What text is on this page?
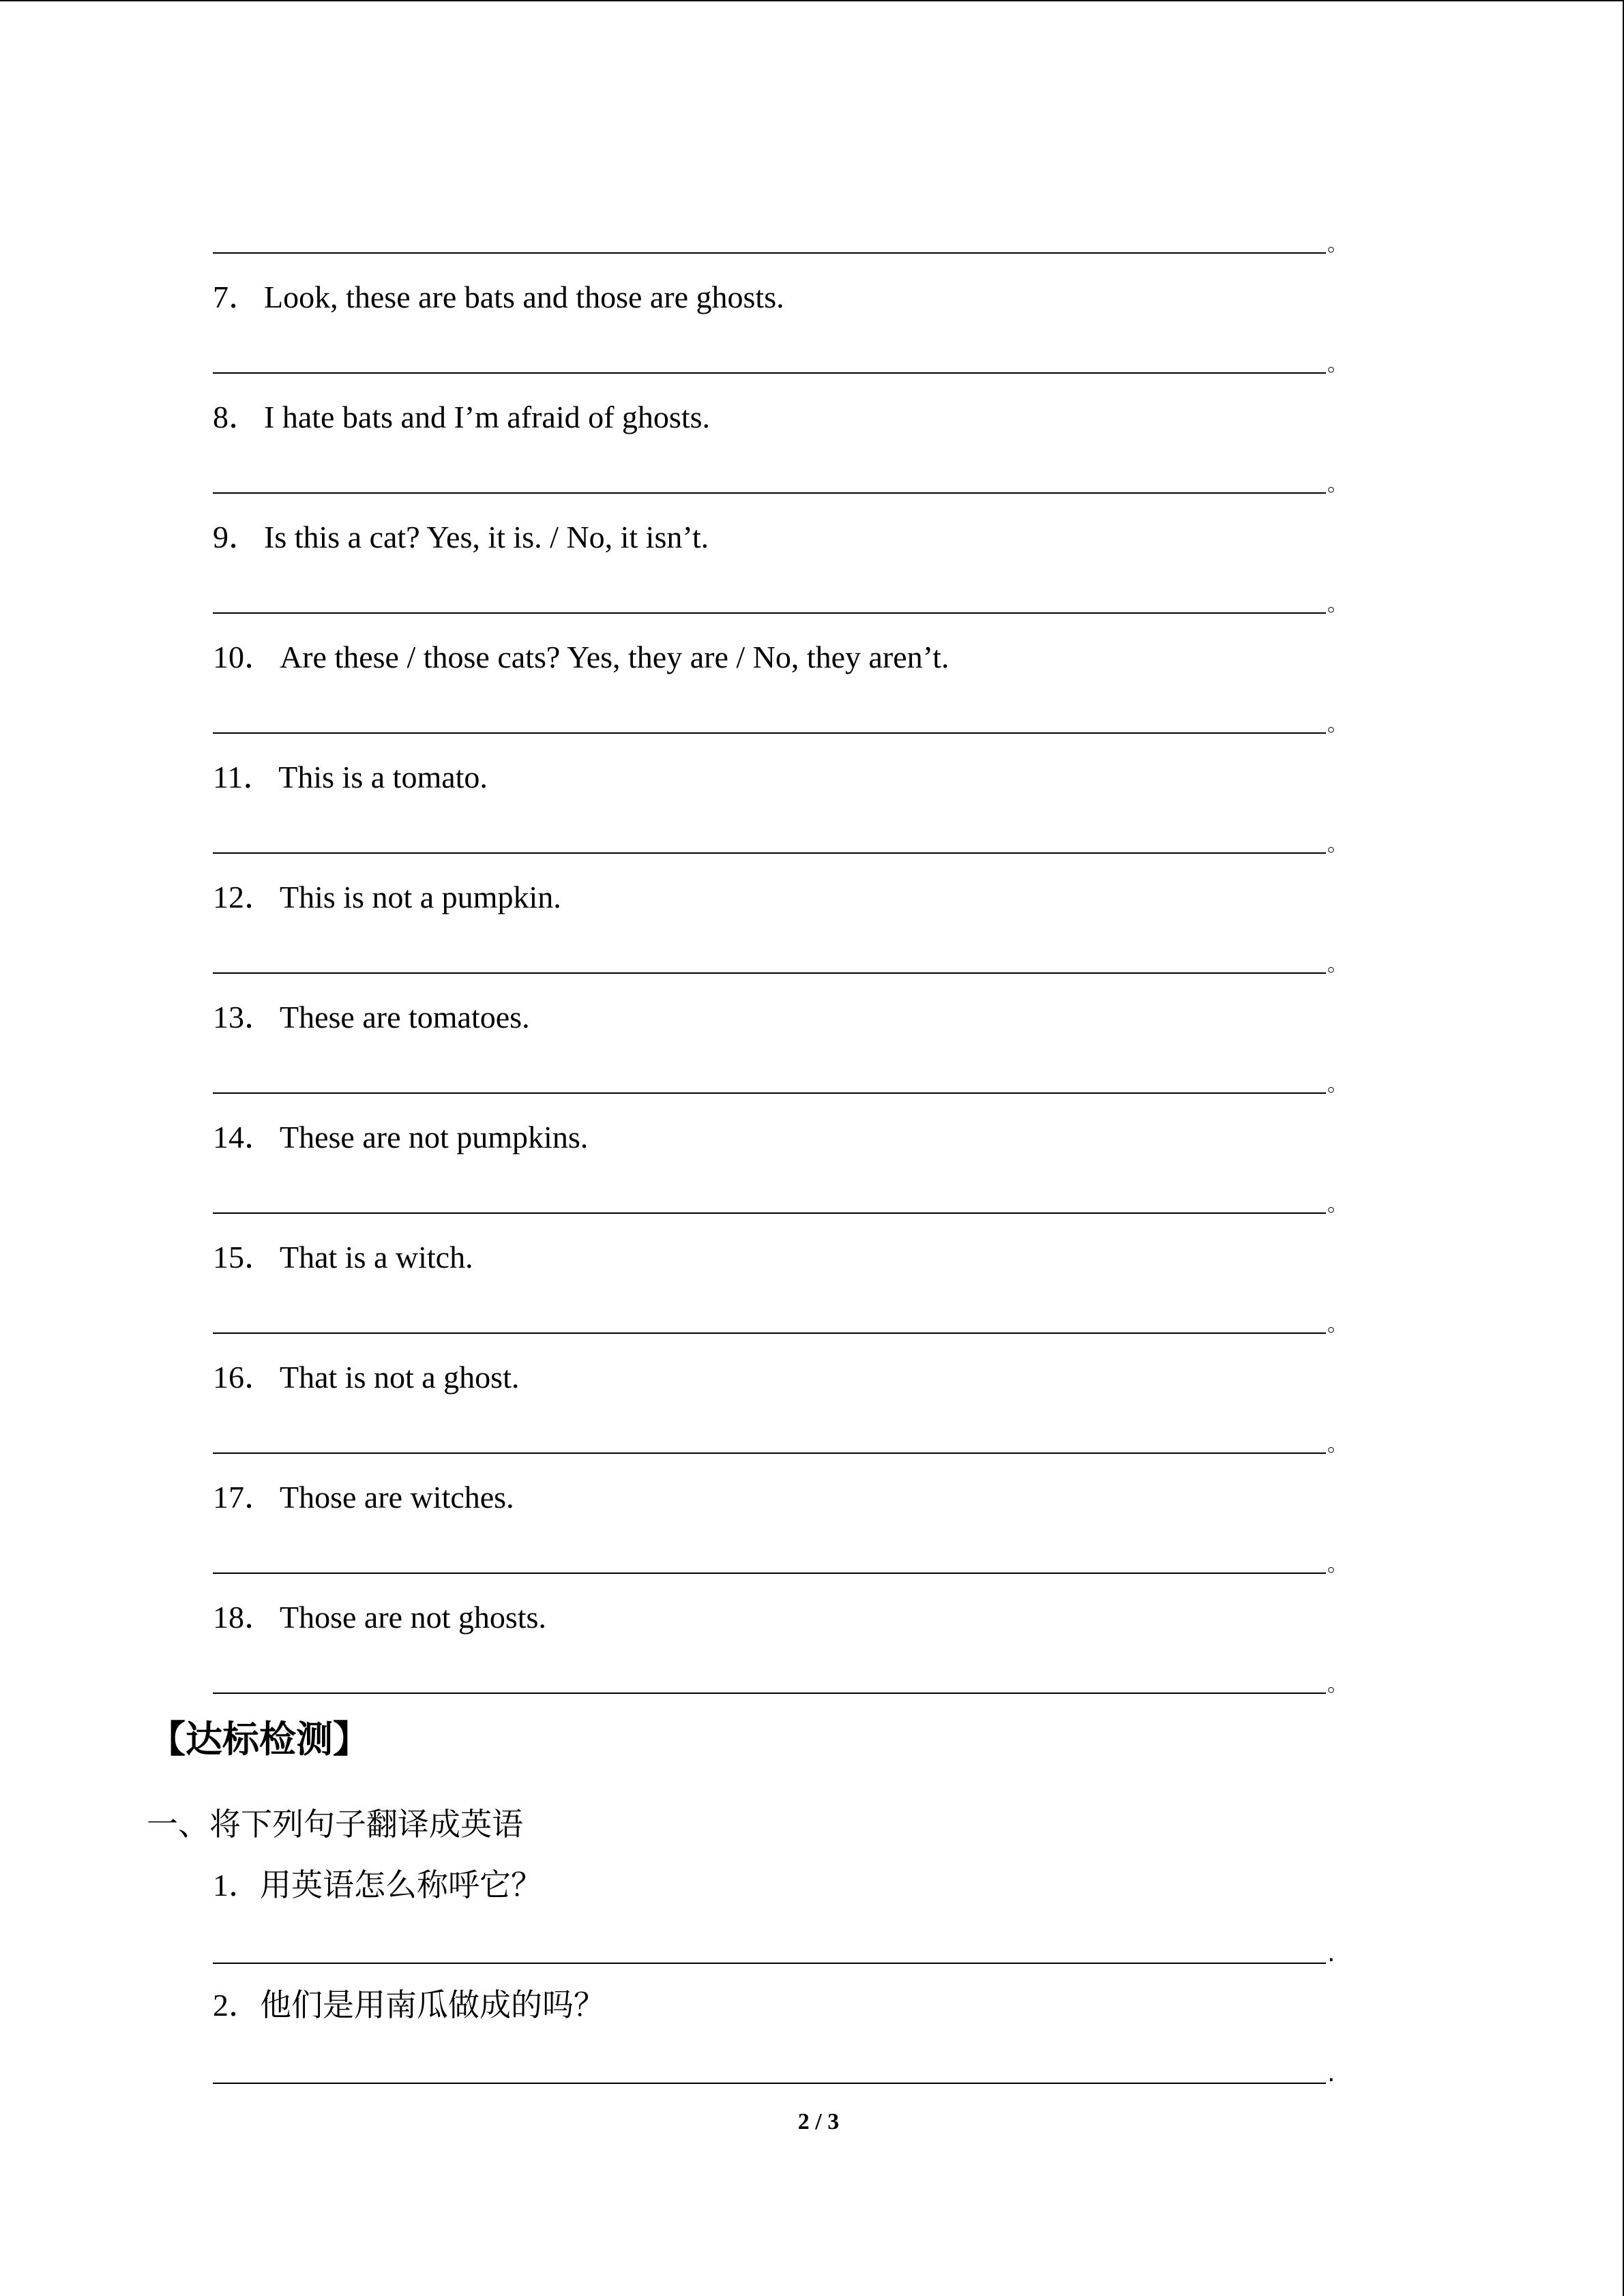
。
7． Look, these are bats and those are ghosts.
。
8． I hate bats and I’m afraid of ghosts.
。
9． Is this a cat? Yes, it is. / No, it isn’t.
。
10． Are these / those cats? Yes, they are / No, they aren’t.
。
11． This is a tomato.
。
12． This is not a pumpkin.
。
13． These are tomatoes.
。
14． These are not pumpkins.
。
15． That is a witch.
。
16． That is not a ghost.
。
17． Those are witches.
。
18． Those are not ghosts.
。
【达标检测】
一、将下列句子翻译成英语
1．用英语怎么称呼它？
.
2．他们是用南瓜做成的吗？
.
2 / 3
